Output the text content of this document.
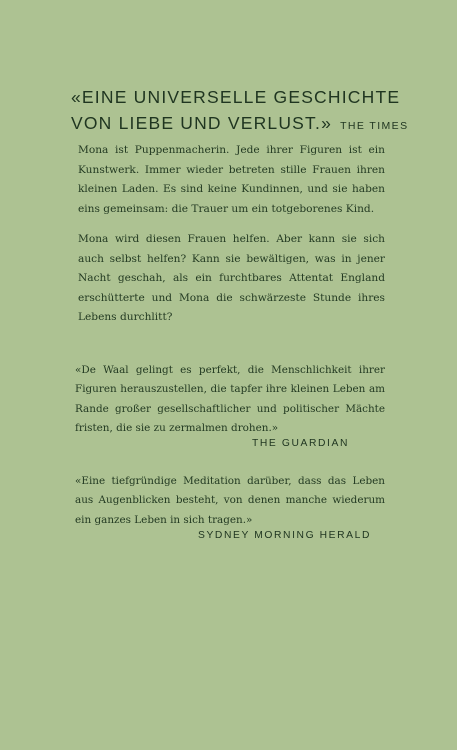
«EINE UNIVERSELLE GESCHICHTE VON LIEBE UND VERLUST.» THE TIMES

Mona ist Puppenmacherin. Jede ihrer Figuren ist ein Kunstwerk. Immer wieder betreten stille Frauen ihren kleinen Laden. Es sind keine Kundinnen, und sie haben eins gemeinsam: die Trauer um ein totgeborenes Kind.

Mona wird diesen Frauen helfen. Aber kann sie sich auch selbst helfen? Kann sie bewältigen, was in jener Nacht geschah, als ein furchtbares Attentat England erschütterte und Mona die schwärzeste Stunde ihres Lebens durchlitt?

«De Waal gelingt es perfekt, die Menschlichkeit ihrer Figuren herauszustellen, die tapfer ihre kleinen Leben am Rande großer gesellschaftlicher und politischer Mächte fristen, die sie zu zermalmen drohen.»

THE GUARDIAN

«Eine tiefgründige Meditation darüber, dass das Leben aus Augenblicken besteht, von denen manche wiederum ein ganzes Leben in sich tragen.»

SYDNEY MORNING HERALD
